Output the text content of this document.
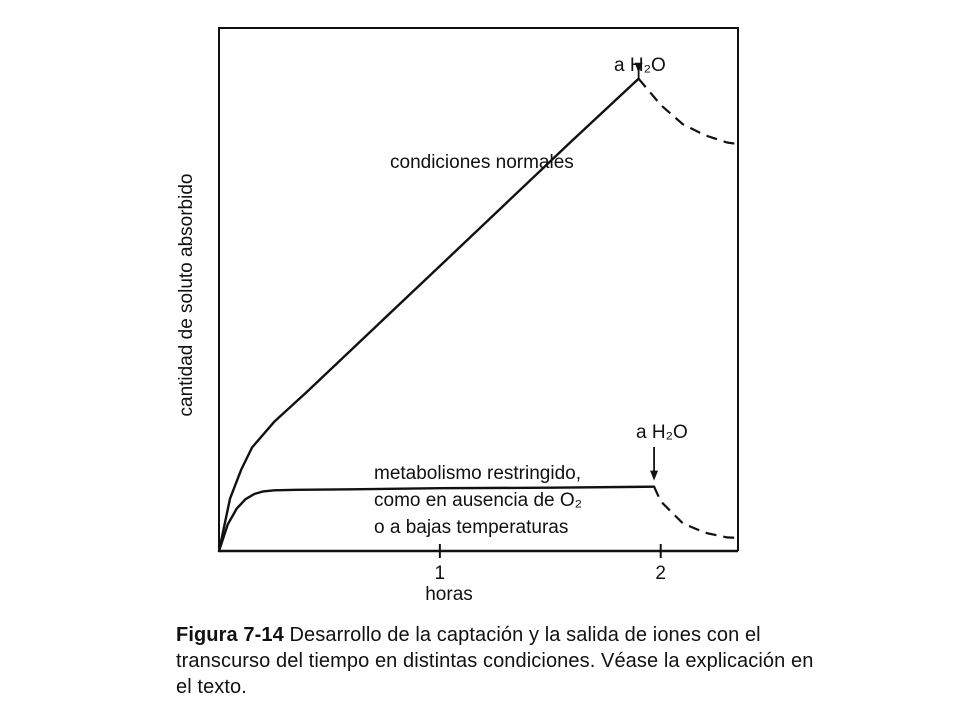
1	2
condiciones normales
metabolismo restringido,
como en ausencia de O₂
o a bajas temperaturas
a H₂O
a H₂O
cantidad de soluto absorbido
horas
Figura 7-14 Desarrollo de la captación y la salida de iones con el transcurso del tiempo en distintas condiciones. Véase la explicación en el texto.
